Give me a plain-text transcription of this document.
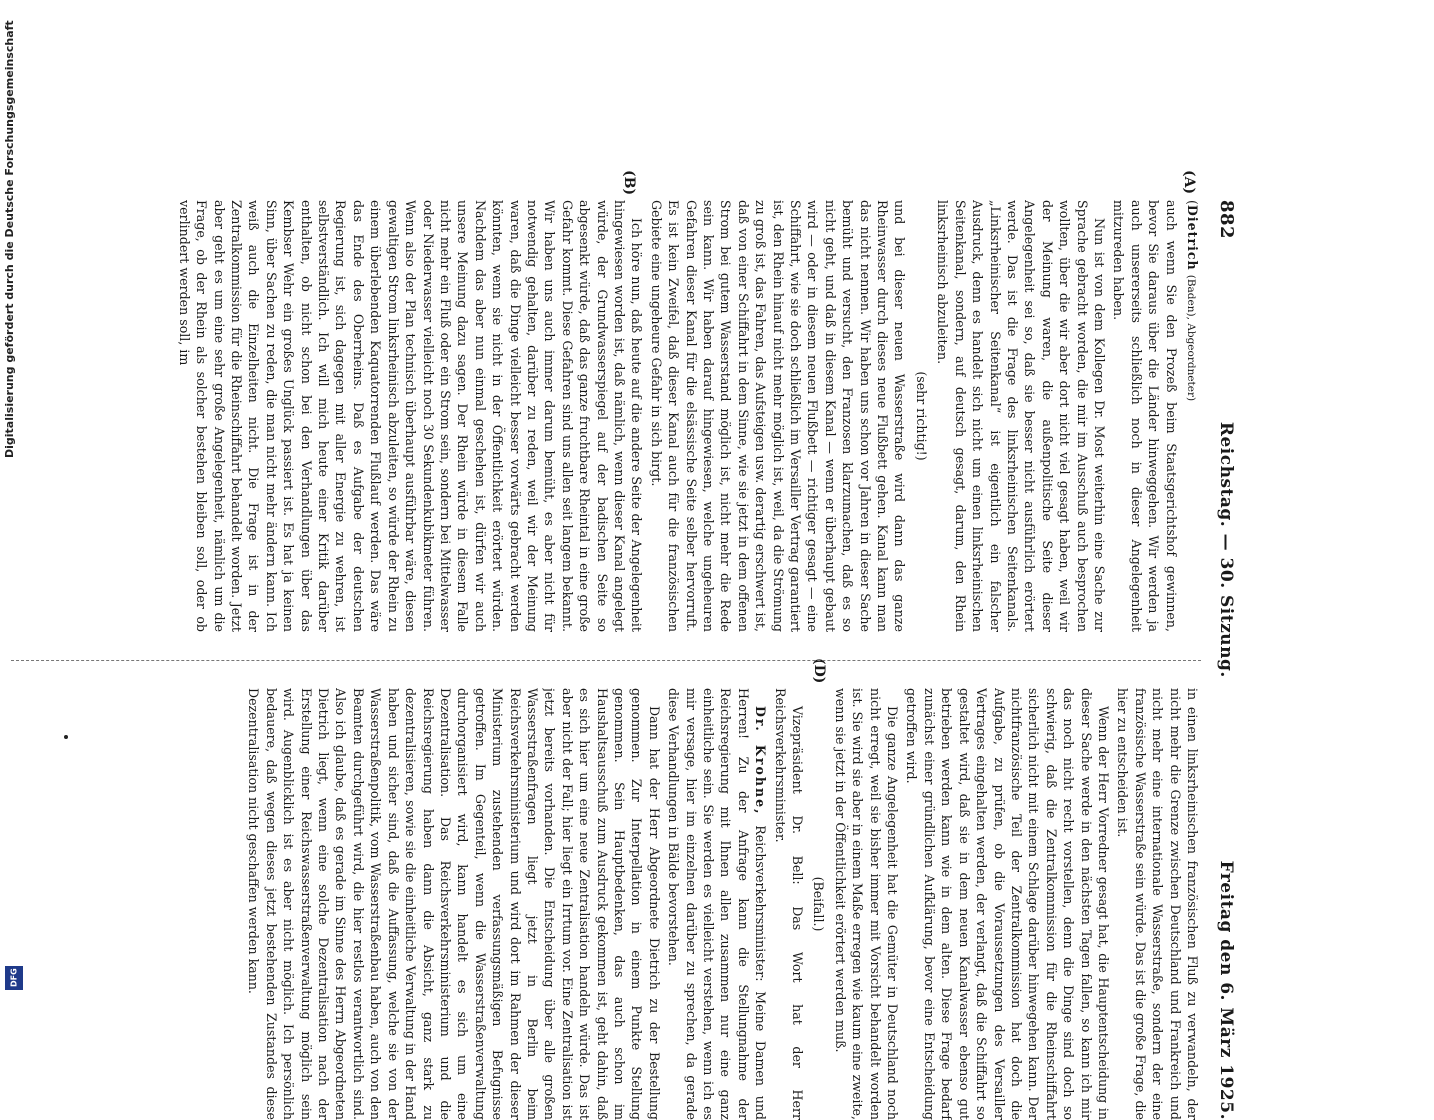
882
Reichstag. — 30. Sitzung.
Freitag den 6. März 1925.
(A)
(B)
(D)

(Dietrich (Baden), Abgeordneter)

auch wenn Sie den Prozeß beim Staatsgerichtshof gewinnen, bevor Sie daraus über die Länder hinweggehen. Wir werden ja auch unsererseits schließlich noch in dieser Angelegenheit mitzureden haben.

Nun ist von dem Kollegen Dr. Most weiterhin eine Sache zur Sprache gebracht worden, die mir im Ausschuß auch besprochen wollten, über die wir aber dort nicht viel gesagt haben, weil wir der Meinung waren, die außenpolitische Seite dieser Angelegenheit sei so, daß sie besser nicht ausführlich erörtert werde. Das ist die Frage des linksrheinischen Seitenkanals. „Linksrheinischer Seitenkanal“ ist eigentlich ein falscher Ausdruck, denn es handelt sich nicht um einen linksrheinischen Seitenkanal, sondern, auf deutsch gesagt, darum, den Rhein linksrheinisch abzuleiten.

(sehr richtig!)

und bei dieser neuen Wasserstraße wird dann das ganze Rheinwasser durch dieses neue Flußbett gehen. Kanal kann man das nicht nennen. Wir haben uns schon vor Jahren in dieser Sache bemüht und versucht, den Franzosen klarzumachen, daß es so nicht geht, und daß in diesem Kanal — wenn er überhaupt gebaut wird — oder in diesem neuen Flußbett — richtiger gesagt — eine Schiffahrt, wie sie doch schließlich im Versailler Vertrag garantiert ist, den Rhein hinauf nicht mehr möglich ist, weil, da die Strömung zu groß ist, das Fahren, das Aufsteigen usw. derartig erschwert ist, daß von einer Schiffahrt in dem Sinne, wie sie jetzt in dem offenen Strom bei gutem Wasserstand möglich ist, nicht mehr die Rede sein kann. Wir haben darauf hingewiesen, welche ungeheuren Gefahren dieser Kanal für die elsässische Seite selber hervorruft. Es ist kein Zweifel, daß dieser Kanal auch für die französischen Gebiete eine ungeheure Gefahr in sich birgt.

Ich höre nun, daß heute auf die andere Seite der Angelegenheit hingewiesen worden ist, daß nämlich, wenn dieser Kanal angelegt würde, der Grundwasserspiegel auf der badischen Seite so abgesenkt würde, daß das ganze fruchtbare Rheintal in eine große Gefahr kommt. Diese Gefahren sind uns allen seit langem bekannt. Wir haben uns auch immer darum bemüht, es aber nicht für notwendig gehalten, darüber zu reden, weil wir der Meinung waren, daß die Dinge vielleicht besser vorwärts gebracht werden könnten, wenn sie nicht in der Öffentlichkeit erörtert würden. Nachdem das aber nun einmal geschehen ist, dürfen wir auch unsere Meinung dazu sagen. Der Rhein würde in diesem Falle nicht mehr ein Fluß oder ein Strom sein, sondern bei Mittelwasser oder Niederwasser vielleicht noch 30 Sekundenkubikmeter führen. Wenn also der Plan technisch überhaupt ausführbar wäre, diesen gewaltigen Strom linksrheinisch abzuleiten, so würde der Rhein zu einem überlebenden Kaquatorrenden Flußlauf werden. Das wäre das Ende des Oberrheins. Daß es Aufgabe der deutschen Regierung ist, sich dagegen mit aller Energie zu wehren, ist selbstverständlich. Ich will mich heute einer Kritik darüber enthalten, ob nicht schon bei den Verhandlungen über das Kembser Wehr ein großes Unglück passiert ist. Es hat ja keinen Sinn, über Sachen zu reden, die man nicht mehr ändern kann. Ich weiß auch die Einzelheiten nicht. Die Frage ist in der Zentralkommission für die Rheinschiffahrt behandelt worden. Jetzt aber geht es um eine sehr große Angelegenheit, nämlich um die Frage, ob der Rhein als solcher bestehen bleiben soll, oder ob verlindert werden soll, im

in einen linksrheinischen französischen Fluß zu verwandeln, der nicht mehr die Grenze zwischen Deutschland und Frankreich und nicht mehr eine internationale Wasserstraße, sondern der eine französische Wasserstraße sein würde. Das ist die große Frage, die hier zu entscheiden ist.

Wenn der Herr Vorredner gesagt hat, die Hauptentscheidung in dieser Sache werde in den nächsten Tagen fallen, so kann ich mir das noch nicht recht vorstellen, denn die Dinge sind doch so schwierig, daß die Zentralkommission für die Rheinschiffahrt sicherlich nicht mit einem Schlage darüber hinwegehen kann. Der nichtfranzösische Teil der Zentralkommission hat doch die Aufgabe, zu prüfen, ob die Voraussetzungen des Versailler Vertrages eingehalten werden, der verlangt, daß die Schiffahrt so gestaltet wird, daß sie in dem neuen Kanalwasser ebenso gut betrieben werden kann wie in dem alten. Diese Frage bedarf zunächst einer gründlichen Aufklärung, bevor eine Entscheidung getroffen wird.

Die ganze Angelegenheit hat die Gemüter in Deutschland noch nicht erregt, weil sie bisher immer mit Vorsicht behandelt worden ist. Sie wird sie aber in einem Maße erregen wie kaum eine zweite, wenn sie jetzt in der Öffentlichkeit erörtert werden muß.

(Beifall.)

Vizepräsident Dr. Bell: Das Wort hat der Herr Reichsverkehrsminister.

Dr. Krohne, Reichsverkehrsminister: Meine Damen und Herren! Zu der Anfrage kann die Stellungnahme der Reichsregierung mit Ihnen allen zusammen nur eine ganz einheitliche sein. Sie werden es vielleicht verstehen, wenn ich es mir versage, hier im einzelnen darüber zu sprechen, da gerade diese Verhandlungen in Bälde bevorstehen.

Dann hat der Herr Abgeordnete Dietrich zu der Bestellung genommen. Zur Interpellation in einem Punkte Stellung genommen. Sein Hauptbedenken, das auch schon im Haushaltsausschuß zum Ausdruck gekommen ist, geht dahin, daß es sich hier um eine neue Zentralisation handeln würde. Das ist aber nicht der Fall; hier liegt ein Irrtum vor. Eine Zentralisation ist jetzt bereits vorhanden. Die Entscheidung über alle großen Wasserstraßenfragen liegt jetzt in Berlin beim Reichsverkehrsministerium und wird dort im Rahmen der dieser Ministerium zustehenden verfassungsmäßigen Befugnisse getroffen. Im Gegenteil, wenn die Wasserstraßenverwaltung durchorganisiert wird, kann handelt es sich um eine Dezentralisation. Das Reichsverkehrsministerium und die Reichsregierung haben dann die Absicht, ganz stark zu dezentralisieren, sowie sie die einheitliche Verwaltung in der Hand haben und sicher sind, daß die Auffassung, welche sie von der Wasserstraßenpolitik, vom Wasserstraßenbau haben, auch von den Beamten durchgeführt wird, die hier restlos verantwortlich sind. Also ich glaube, daß es gerade im Sinne des Herrn Abgeordneten Dietrich liegt, wenn eine solche Dezentralisation nach der Erstellung einer Reichswasserstraßenverwaltung möglich sein wird. Augenblicklich ist es aber nicht möglich. Ich persönlich bedauere, daß wegen dieses jetzt bestehenden Zustandes diese Dezentralisation nicht geschaffen werden kann.

Digitalisierung gefördert durch die Deutsche Forschungsgemeinschaft
DFG
